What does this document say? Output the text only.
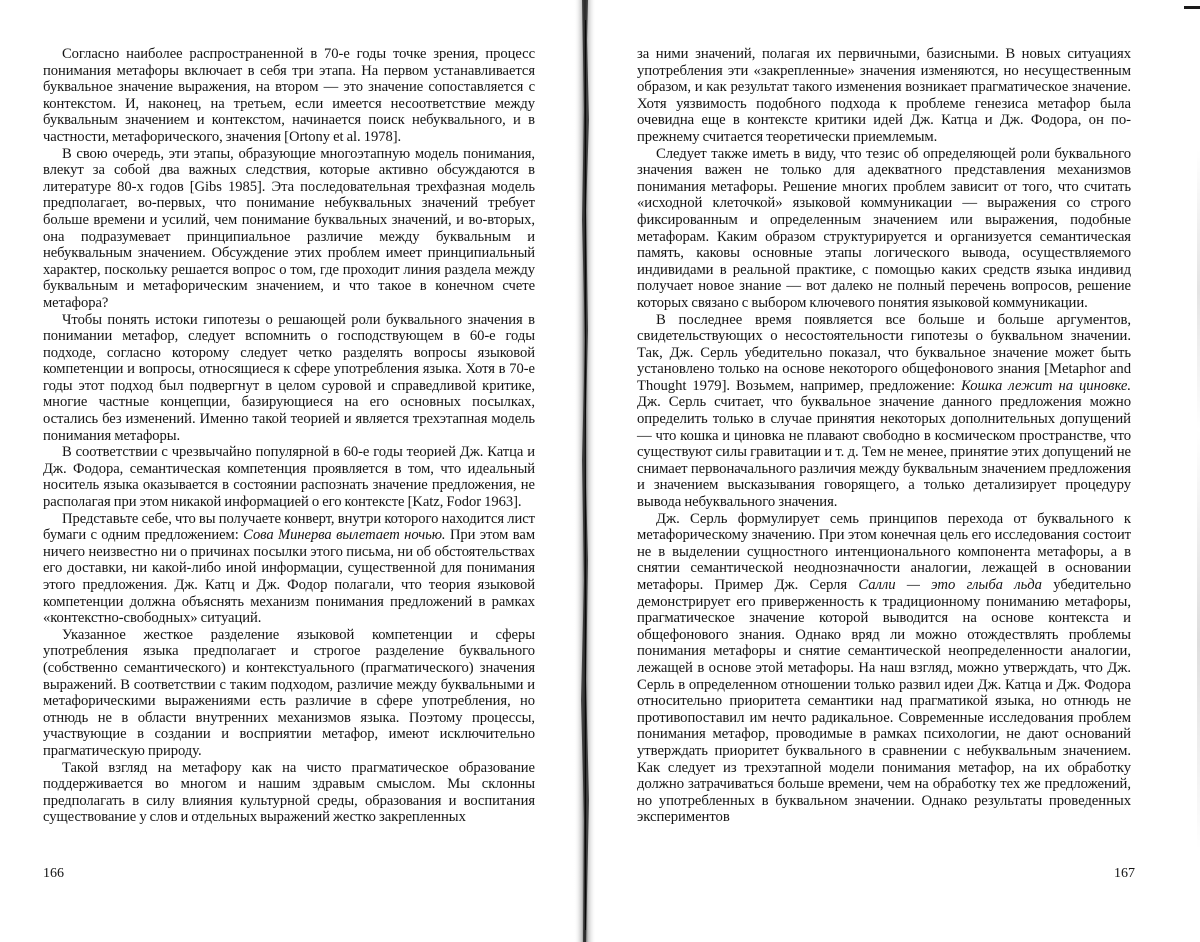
Согласно наиболее распространенной в 70-е годы точке зрения, процесс понимания метафоры включает в себя три этапа. На первом устанавливается буквальное значение выражения, на втором — это значение сопоставляется с контекстом. И, наконец, на третьем, если имеется несоответствие между буквальным значением и контекстом, начинается поиск небуквального, и в частности, метафорического, значения [Ortony et al. 1978].

В свою очередь, эти этапы, образующие многоэтапную модель понимания, влекут за собой два важных следствия, которые активно обсуждаются в литературе 80-х годов [Gibs 1985]. Эта последовательная трехфазная модель предполагает, во-первых, что понимание небуквальных значений требует больше времени и усилий, чем понимание буквальных значений, и во-вторых, она подразумевает принципиальное различие между буквальным и небуквальным значением. Обсуждение этих проблем имеет принципиальный характер, поскольку решается вопрос о том, где проходит линия раздела между буквальным и метафорическим значением, и что такое в конечном счете метафора?

Чтобы понять истоки гипотезы о решающей роли буквального значения в понимании метафор, следует вспомнить о господствующем в 60-е годы подходе, согласно которому следует четко разделять вопросы языковой компетенции и вопросы, относящиеся к сфере употребления языка. Хотя в 70-е годы этот подход был подвергнут в целом суровой и справедливой критике, многие частные концепции, базирующиеся на его основных посылках, остались без изменений. Именно такой теорией и является трехэтапная модель понимания метафоры.

В соответствии с чрезвычайно популярной в 60-е годы теорией Дж. Катца и Дж. Фодора, семантическая компетенция проявляется в том, что идеальный носитель языка оказывается в состоянии распознать значение предложения, не располагая при этом никакой информацией о его контексте [Katz, Fodor 1963].

Представьте себе, что вы получаете конверт, внутри которого находится лист бумаги с одним предложением: Сова Минерва вылетает ночью. При этом вам ничего неизвестно ни о причинах посылки этого письма, ни об обстоятельствах его доставки, ни какой-либо иной информации, существенной для понимания этого предложения. Дж. Катц и Дж. Фодор полагали, что теория языковой компетенции должна объяснять механизм понимания предложений в рамках «контекстно-свободных» ситуаций.

Указанное жесткое разделение языковой компетенции и сферы употребления языка предполагает и строгое разделение буквального (собственно семантического) и контекстуального (прагматического) значения выражений. В соответствии с таким подходом, различие между буквальными и метафорическими выражениями есть различие в сфере употребления, но отнюдь не в области внутренних механизмов языка. Поэтому процессы, участвующие в создании и восприятии метафор, имеют исключительно прагматическую природу.

Такой взгляд на метафору как на чисто прагматическое образование поддерживается во многом и нашим здравым смыслом. Мы склонны предполагать в силу влияния культурной среды, образования и воспитания существование у слов и отдельных выражений жестко закрепленных

166

за ними значений, полагая их первичными, базисными. В новых ситуациях употребления эти «закрепленные» значения изменяются, но несущественным образом, и как результат такого изменения возникает прагматическое значение. Хотя уязвимость подобного подхода к проблеме генезиса метафор была очевидна еще в контексте критики идей Дж. Катца и Дж. Фодора, он по-прежнему считается теоретически приемлемым.

Следует также иметь в виду, что тезис об определяющей роли буквального значения важен не только для адекватного представления механизмов понимания метафоры. Решение многих проблем зависит от того, что считать «исходной клеточкой» языковой коммуникации — выражения со строго фиксированным и определенным значением или выражения, подобные метафорам. Каким образом структурируется и организуется семантическая память, каковы основные этапы логического вывода, осуществляемого индивидами в реальной практике, с помощью каких средств языка индивид получает новое знание — вот далеко не полный перечень вопросов, решение которых связано с выбором ключевого понятия языковой коммуникации.

В последнее время появляется все больше и больше аргументов, свидетельствующих о несостоятельности гипотезы о буквальном значении. Так, Дж. Серль убедительно показал, что буквальное значение может быть установлено только на основе некоторого общефонового знания [Metaphor and Thought 1979]. Возьмем, например, предложение: Кошка лежит на циновке. Дж. Серль считает, что буквальное значение данного предложения можно определить только в случае принятия некоторых дополнительных допущений — что кошка и циновка не плавают свободно в космическом пространстве, что существуют силы гравитации и т. д. Тем не менее, принятие этих допущений не снимает первоначального различия между буквальным значением предложения и значением высказывания говорящего, а только детализирует процедуру вывода небуквального значения.

Дж. Серль формулирует семь принципов перехода от буквального к метафорическому значению. При этом конечная цель его исследования состоит не в выделении сущностного интенционального компонента метафоры, а в снятии семантической неоднозначности аналогии, лежащей в основании метафоры. Пример Дж. Серля Салли — это глыба льда убедительно демонстрирует его приверженность к традиционному пониманию метафоры, прагматическое значение которой выводится на основе контекста и общефонового знания. Однако вряд ли можно отождествлять проблемы понимания метафоры и снятие семантической неопределенности аналогии, лежащей в основе этой метафоры. На наш взгляд, можно утверждать, что Дж. Серль в определенном отношении только развил идеи Дж. Катца и Дж. Фодора относительно приоритета семантики над прагматикой языка, но отнюдь не противопоставил им нечто радикальное. Современные исследования проблем понимания метафор, проводимые в рамках психологии, не дают оснований утверждать приоритет буквального в сравнении с небуквальным значением. Как следует из трехэтапной модели понимания метафор, на их обработку должно затрачиваться больше времени, чем на обработку тех же предложений, но употребленных в буквальном значении. Однако результаты проведенных экспериментов

167
